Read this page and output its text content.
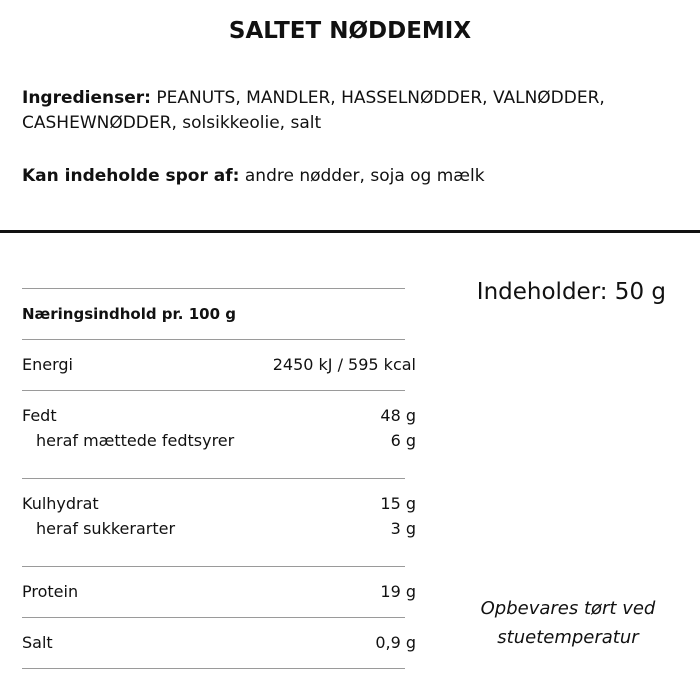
SALTET NØDDEMIX
Ingredienser: PEANUTS, MANDLER, HASSELNØDDER, VALNØDDER, CASHEWNØDDER, solsikkeolie, salt
Kan indeholde spor af: andre nødder, soja og mælk
Næringsindhold pr. 100 g
Energi	2450 kJ / 595 kcal
Fedt	48 g
heraf mættede fedtsyrer	6 g
Kulhydrat	15 g
heraf sukkerarter	3 g
Protein	19 g
Salt	0,9 g
Indeholder: 50 g
Opbevares tørt ved stuetemperatur
